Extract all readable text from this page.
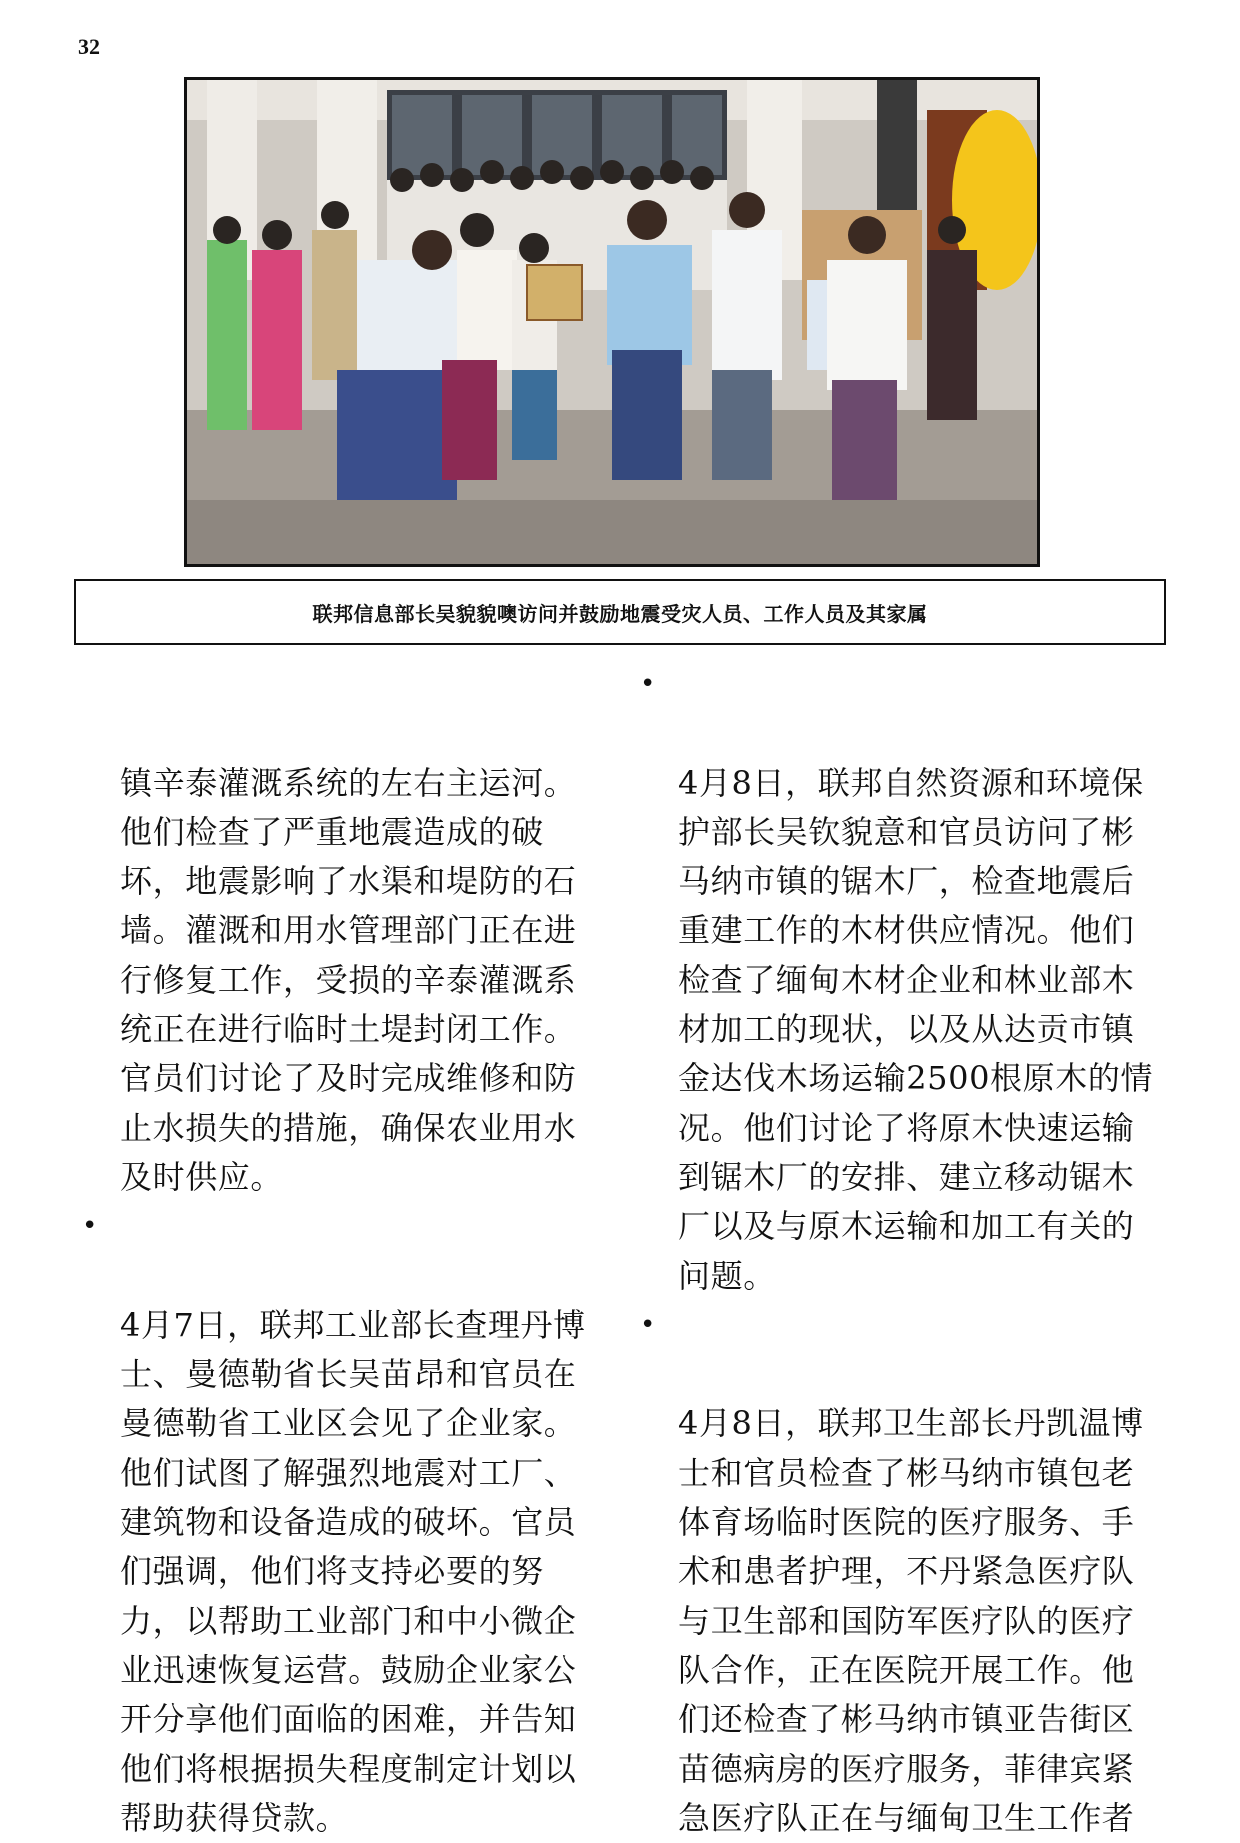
32
联邦信息部长吴貌貌噢访问并鼓励地震受灾人员、工作人员及其家属

镇辛泰灌溉系统的左右主运河。
他们检查了严重地震造成的破
坏，地震影响了水渠和堤防的石
墙。灌溉和用水管理部门正在进
行修复工作，受损的辛泰灌溉系
统正在进行临时土堤封闭工作。
官员们讨论了及时完成维修和防
止水损失的措施，确保农业用水
及时供应。

•

4月7日，联邦工业部长查理丹博
士、曼德勒省长吴苗昂和官员在
曼德勒省工业区会见了企业家。
他们试图了解强烈地震对工厂、
建筑物和设备造成的破坏。官员
们强调，他们将支持必要的努
力，以帮助工业部门和中小微企
业迅速恢复运营。鼓励企业家公
开分享他们面临的困难，并告知
他们将根据损失程度制定计划以
帮助获得贷款。

•

4月8日，联邦自然资源和环境保
护部长吴钦貌意和官员访问了彬
马纳市镇的锯木厂，检查地震后
重建工作的木材供应情况。他们
检查了缅甸木材企业和林业部木
材加工的现状，以及从达贡市镇
金达伐木场运输2500根原木的情
况。他们讨论了将原木快速运输
到锯木厂的安排、建立移动锯木
厂以及与原木运输和加工有关的
问题。

•

4月8日，联邦卫生部长丹凯温博
士和官员检查了彬马纳市镇包老
体育场临时医院的医疗服务、手
术和患者护理，不丹紧急医疗队
与卫生部和国防军医疗队的医疗
队合作，正在医院开展工作。他
们还检查了彬马纳市镇亚告街区
苗德病房的医疗服务，菲律宾紧
急医疗队正在与缅甸卫生工作者
